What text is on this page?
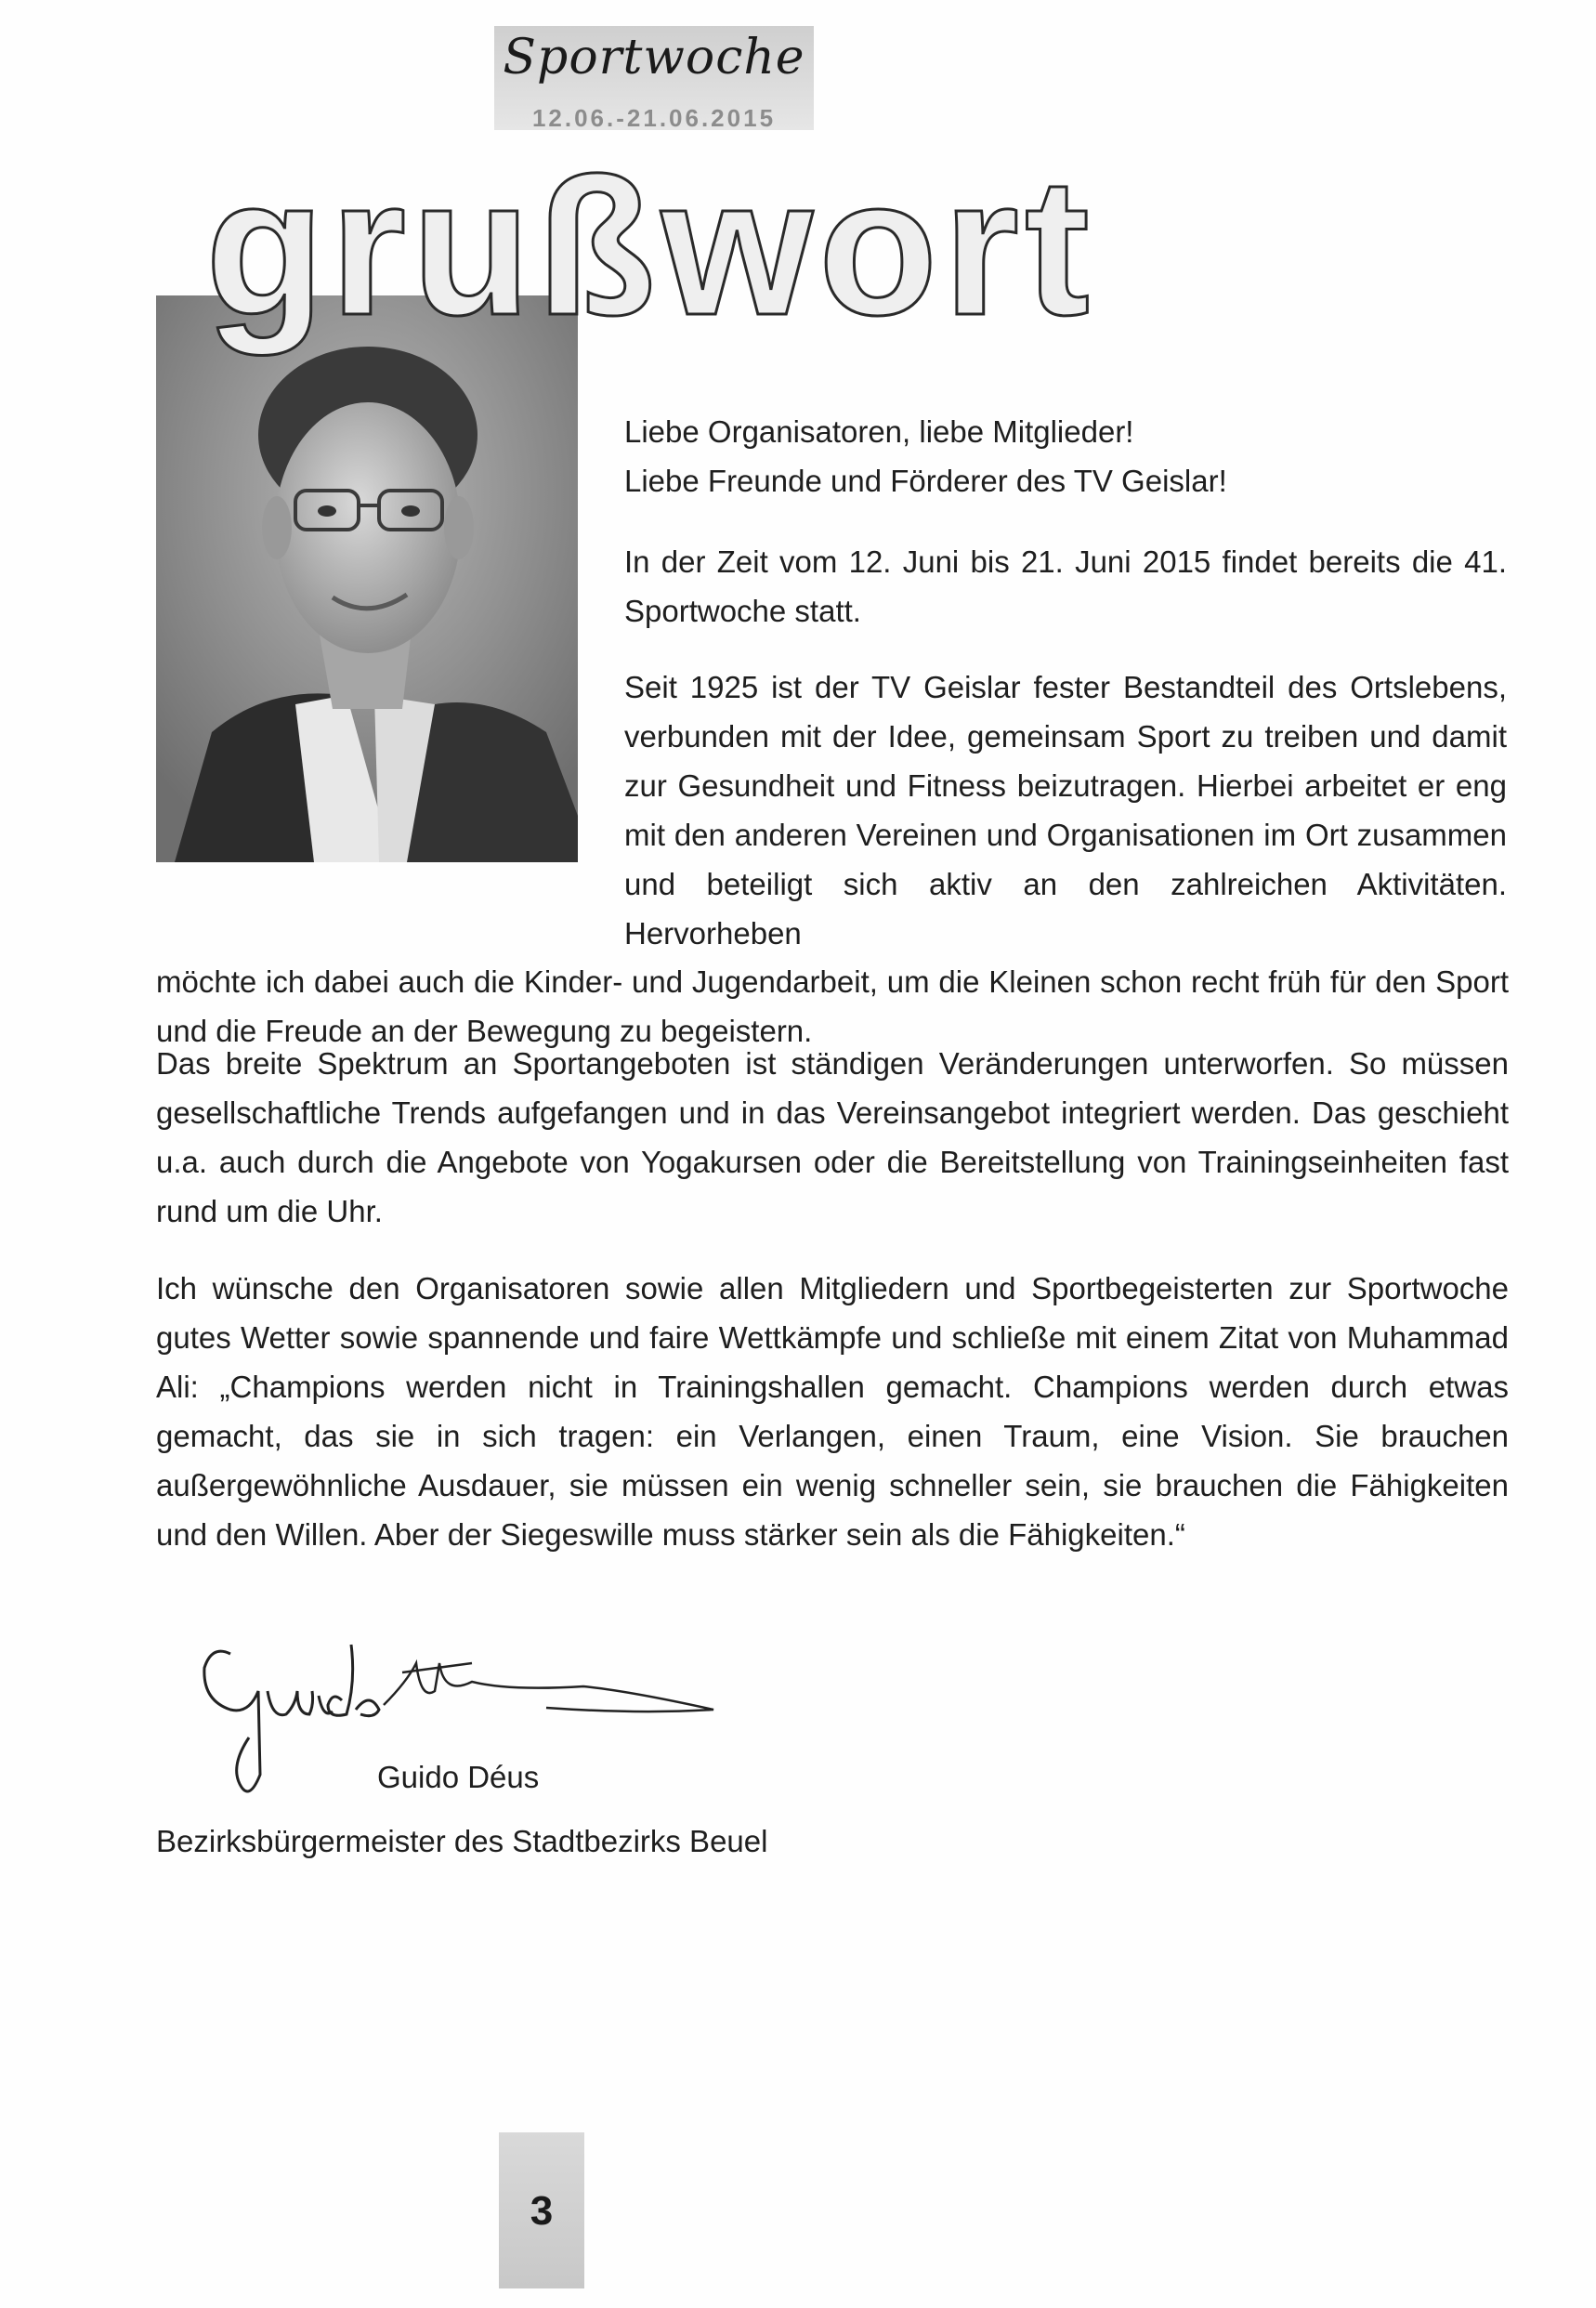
Sportwoche
12.06.-21.06.2015
grußwort

Liebe Organisatoren, liebe Mitglieder!

Liebe Freunde und Förderer des TV Geislar!

In der Zeit vom 12. Juni bis 21. Juni 2015 findet bereits die 41. Sportwoche statt.
Seit 1925 ist der TV Geislar fester Bestandteil des Ortslebens, verbunden mit der Idee, gemeinsam Sport zu treiben und damit zur Gesundheit und Fitness beizutragen. Hierbei arbeitet er eng mit den anderen Vereinen und Organisationen im Ort zusammen und beteiligt sich aktiv an den zahlreichen Aktivitäten. Hervorheben
möchte ich dabei auch die Kinder- und Jugendarbeit, um die Kleinen schon recht früh für den Sport und die Freude an der Bewegung zu begeistern.
Das breite Spektrum an Sportangeboten ist ständigen Veränderungen unterworfen. So müssen gesellschaftliche Trends aufgefangen und in das Vereinsangebot integriert werden. Das geschieht u.a. auch durch die Angebote von Yogakursen oder die Bereitstellung von Trainingseinheiten fast rund um die Uhr.
Ich wünsche den Organisatoren sowie allen Mitgliedern und Sportbegeisterten zur Sportwoche gutes Wetter sowie spannende und faire Wettkämpfe und schließe mit einem Zitat von Muhammad Ali: „Champions werden nicht in Trainingshallen gemacht. Champions werden durch etwas gemacht, das sie in sich tragen: ein Verlangen, einen Traum, eine Vision. Sie brauchen außergewöhnliche Ausdauer, sie müssen ein wenig schneller sein, sie brauchen die Fähigkeiten und den Willen. Aber der Siegeswille muss stärker sein als die Fähigkeiten.“
Guido Déus
Bezirksbürgermeister des Stadtbezirks Beuel
3
